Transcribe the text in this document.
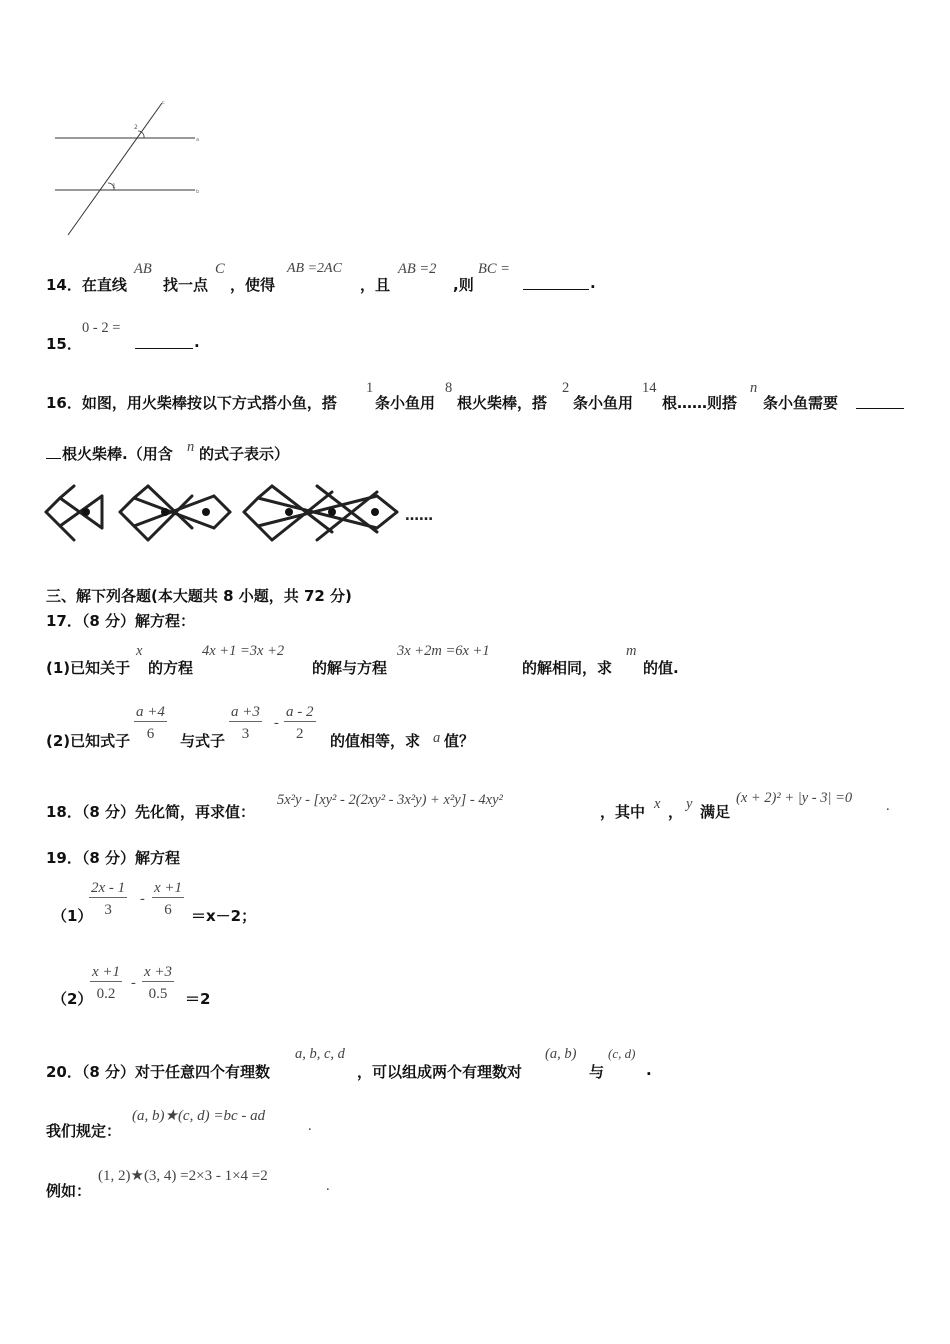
2
1
a
b
c
14．在直线
AB
找一点
C
，使得
AB =2AC
，且
AB =2
,则
BC =
.
15．
0 - 2 =
.
16．如图，用火柴棒按以下方式搭小鱼，搭
1
条小鱼用
8
根火柴棒，搭
2
条小鱼用
14
根……则搭
n
条小鱼需要
根火柴棒.（用含 n 的式子表示）
……
三、解下列各题(本大题共 8 小题，共 72 分)
17．（8 分）解方程：
(1)已知关于
x
的方程
4x +1 =3x +2
的解与方程
3x +2m =6x +1
的解相同，求
m
的值.
(2)已知式子 $\frac{a +4}{6}$ 与式子 $\frac{a +3}{3} - \frac{a - 2}{2}$ 的值相等，求 a 值？
18．（8 分）先化简，再求值：
5x²y - [xy² - 2(2xy² - 3x²y) + x²y] - 4xy²
，其中 x ， y 满足
(x + 2)² + |y - 3| =0 .
19．（8 分）解方程
（1）
$\frac{2x - 1}{3} - \frac{x +1}{6} =x-2$；
（2）
$\frac{x +1}{0.2} - \frac{x +3}{0.5} =2$
20．（8 分）对于任意四个有理数
a, b, c, d
，可以组成两个有理数对
(a, b)
与
(c, d)
.
我们规定：
(a, b)★(c, d) =bc - ad
.
例如：
(1, 2)★(3, 4) =2×3 - 1×4 =2
.
